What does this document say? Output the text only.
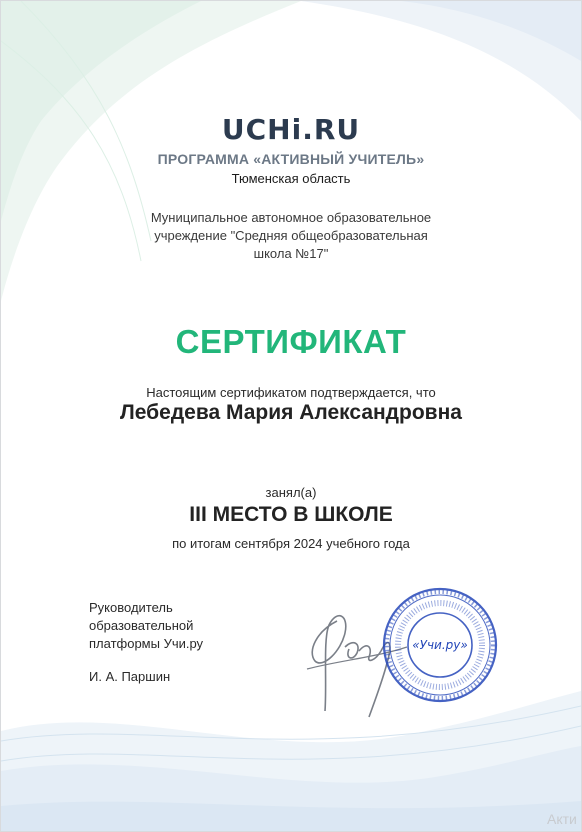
UCHi.RU
ПРОГРАММА «АКТИВНЫЙ УЧИТЕЛЬ»
Тюменская область
Муниципальное автономное образовательное
учреждение "Средняя общеобразовательная
школа №17"
СЕРТИФИКАТ
Настоящим сертификатом подтверждается, что
Лебедева Мария Александровна
занял(а)
III МЕСТО В ШКОЛЕ
по итогам сентября 2024 учебного года
Руководитель
образовательной
платформы Учи.ру
И. А. Паршин
«Учи.ру»
Акти
